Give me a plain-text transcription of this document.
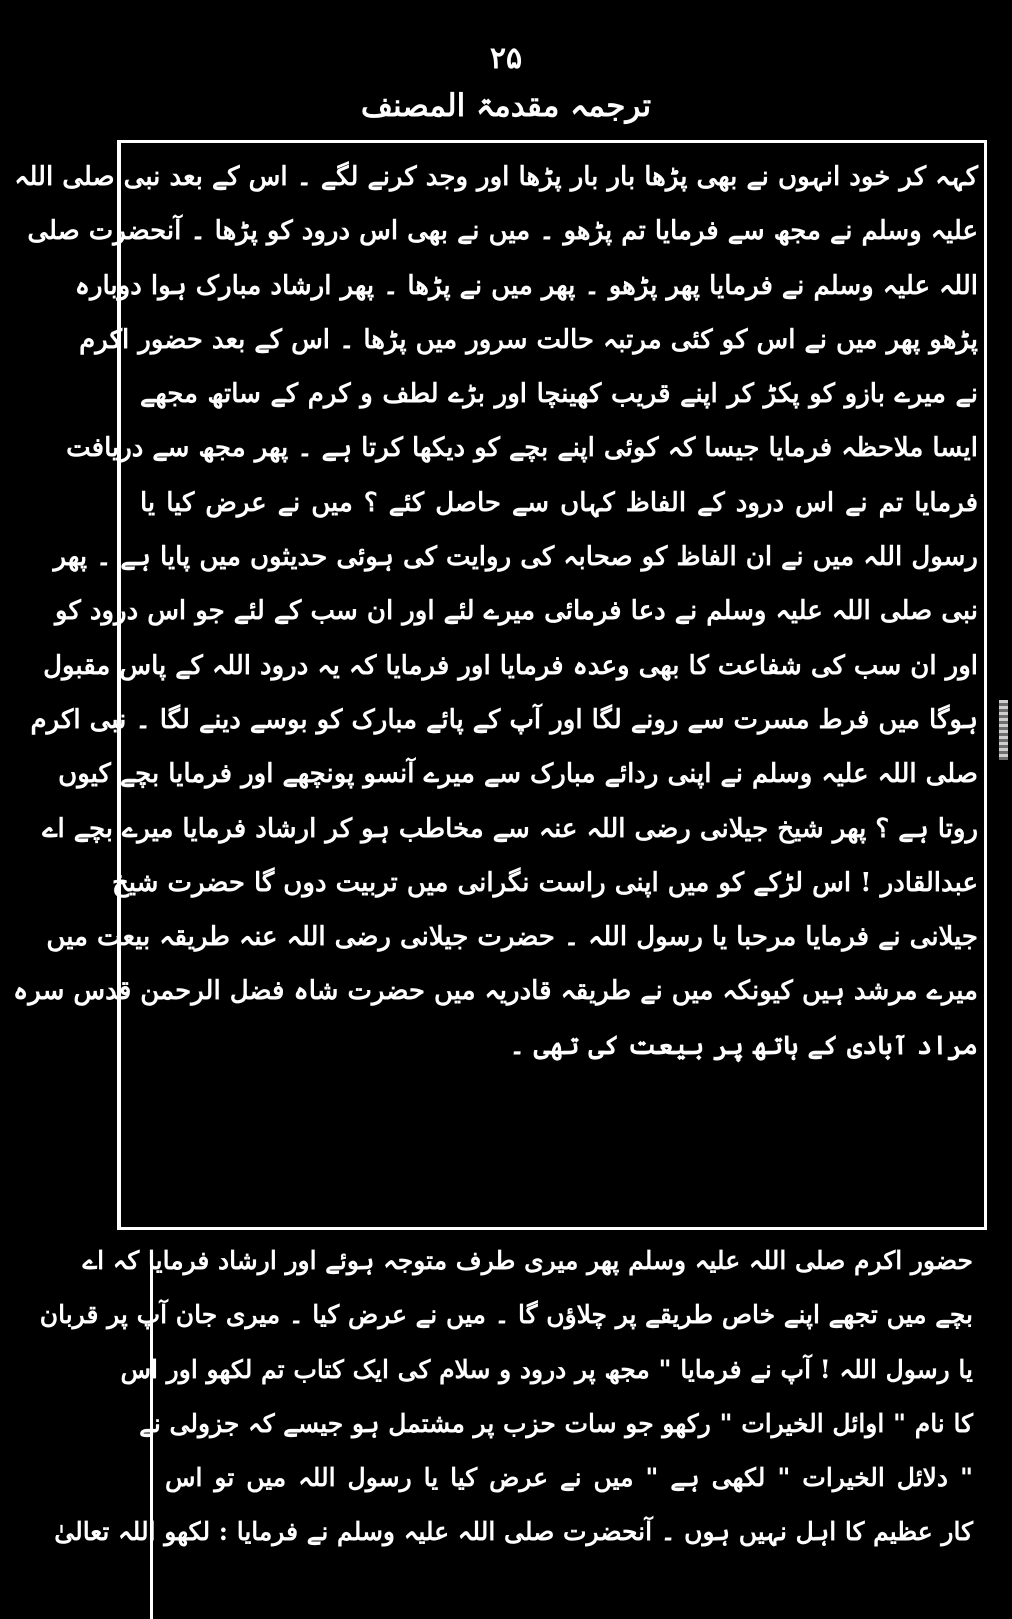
۲۵
ترجمہ مقدمۃ المصنف
کہہ کر خود انہوں نے بھی پڑھا بار بار پڑھا اور وجد کرنے لگے ۔ اس کے بعد نبی صلی اللہ
علیہ وسلم نے مجھ سے فرمایا تم پڑھو ۔ میں نے بھی اس درود کو پڑھا ۔ آنحضرت صلی
اللہ علیہ وسلم نے فرمایا پھر پڑھو ۔ پھر میں نے پڑھا ۔ پھر ارشاد مبارک ہوا دوبارہ
پڑھو پھر میں نے اس کو کئی مرتبہ حالت سرور میں پڑھا ۔ اس کے بعد حضور اکرم
نے میرے بازو کو پکڑ کر اپنے قریب کھینچا اور بڑے لطف و کرم کے ساتھ مجھے
ایسا ملاحظہ فرمایا جیسا کہ کوئی اپنے بچے کو دیکھا کرتا ہے ۔ پھر مجھ سے دریافت
فرمایا تم نے اس درود کے الفاظ کہاں سے حاصل کئے ؟ میں نے عرض کیا یا
رسول اللہ میں نے ان الفاظ کو صحابہ کی روایت کی ہوئی حدیثوں میں پایا ہے ۔ پھر
نبی صلی اللہ علیہ وسلم نے دعا فرمائی میرے لئے اور ان سب کے لئے جو اس درود کو
اور ان سب کی شفاعت کا بھی وعدہ فرمایا اور فرمایا کہ یہ درود اللہ کے پاس مقبول
ہوگا میں فرط مسرت سے رونے لگا اور آپ کے پائے مبارک کو بوسے دینے لگا ۔ نبی اکرم
صلی اللہ علیہ وسلم نے اپنی ردائے مبارک سے میرے آنسو پونچھے اور فرمایا بچے کیوں
روتا ہے ؟ پھر شیخ جیلانی رضی اللہ عنہ سے مخاطب ہو کر ارشاد فرمایا میرے بچے اے
عبدالقادر ! اس لڑکے کو میں اپنی راست نگرانی میں تربیت دوں گا حضرت شیخ
جیلانی نے فرمایا مرحبا یا رسول اللہ ۔ حضرت جیلانی رضی اللہ عنہ طریقہ بیعت میں
میرے مرشد ہیں کیونکہ میں نے طریقہ قادریہ میں حضرت شاہ فضل الرحمن قدس سرہ
مراد آبادی کے ہاتھ پر بیعت کی تھی ۔
حضور اکرم صلی اللہ علیہ وسلم پھر میری طرف متوجہ ہوئے اور ارشاد فرمایا کہ اے
بچے میں تجھے اپنے خاص طریقے پر چلاؤں گا ۔ میں نے عرض کیا ۔ میری جان آپ پر قربان
یا رسول اللہ ! آپ نے فرمایا " مجھ پر درود و سلام کی ایک کتاب تم لکھو اور اس
کا نام " اوائل الخیرات " رکھو جو سات حزب پر مشتمل ہو جیسے کہ جزولی نے
" دلائل الخیرات " لکھی ہے " میں نے عرض کیا یا رسول اللہ میں تو اس
کار عظیم کا اہل نہیں ہوں ۔ آنحضرت صلی اللہ علیہ وسلم نے فرمایا : لکھو اللہ تعالیٰ
